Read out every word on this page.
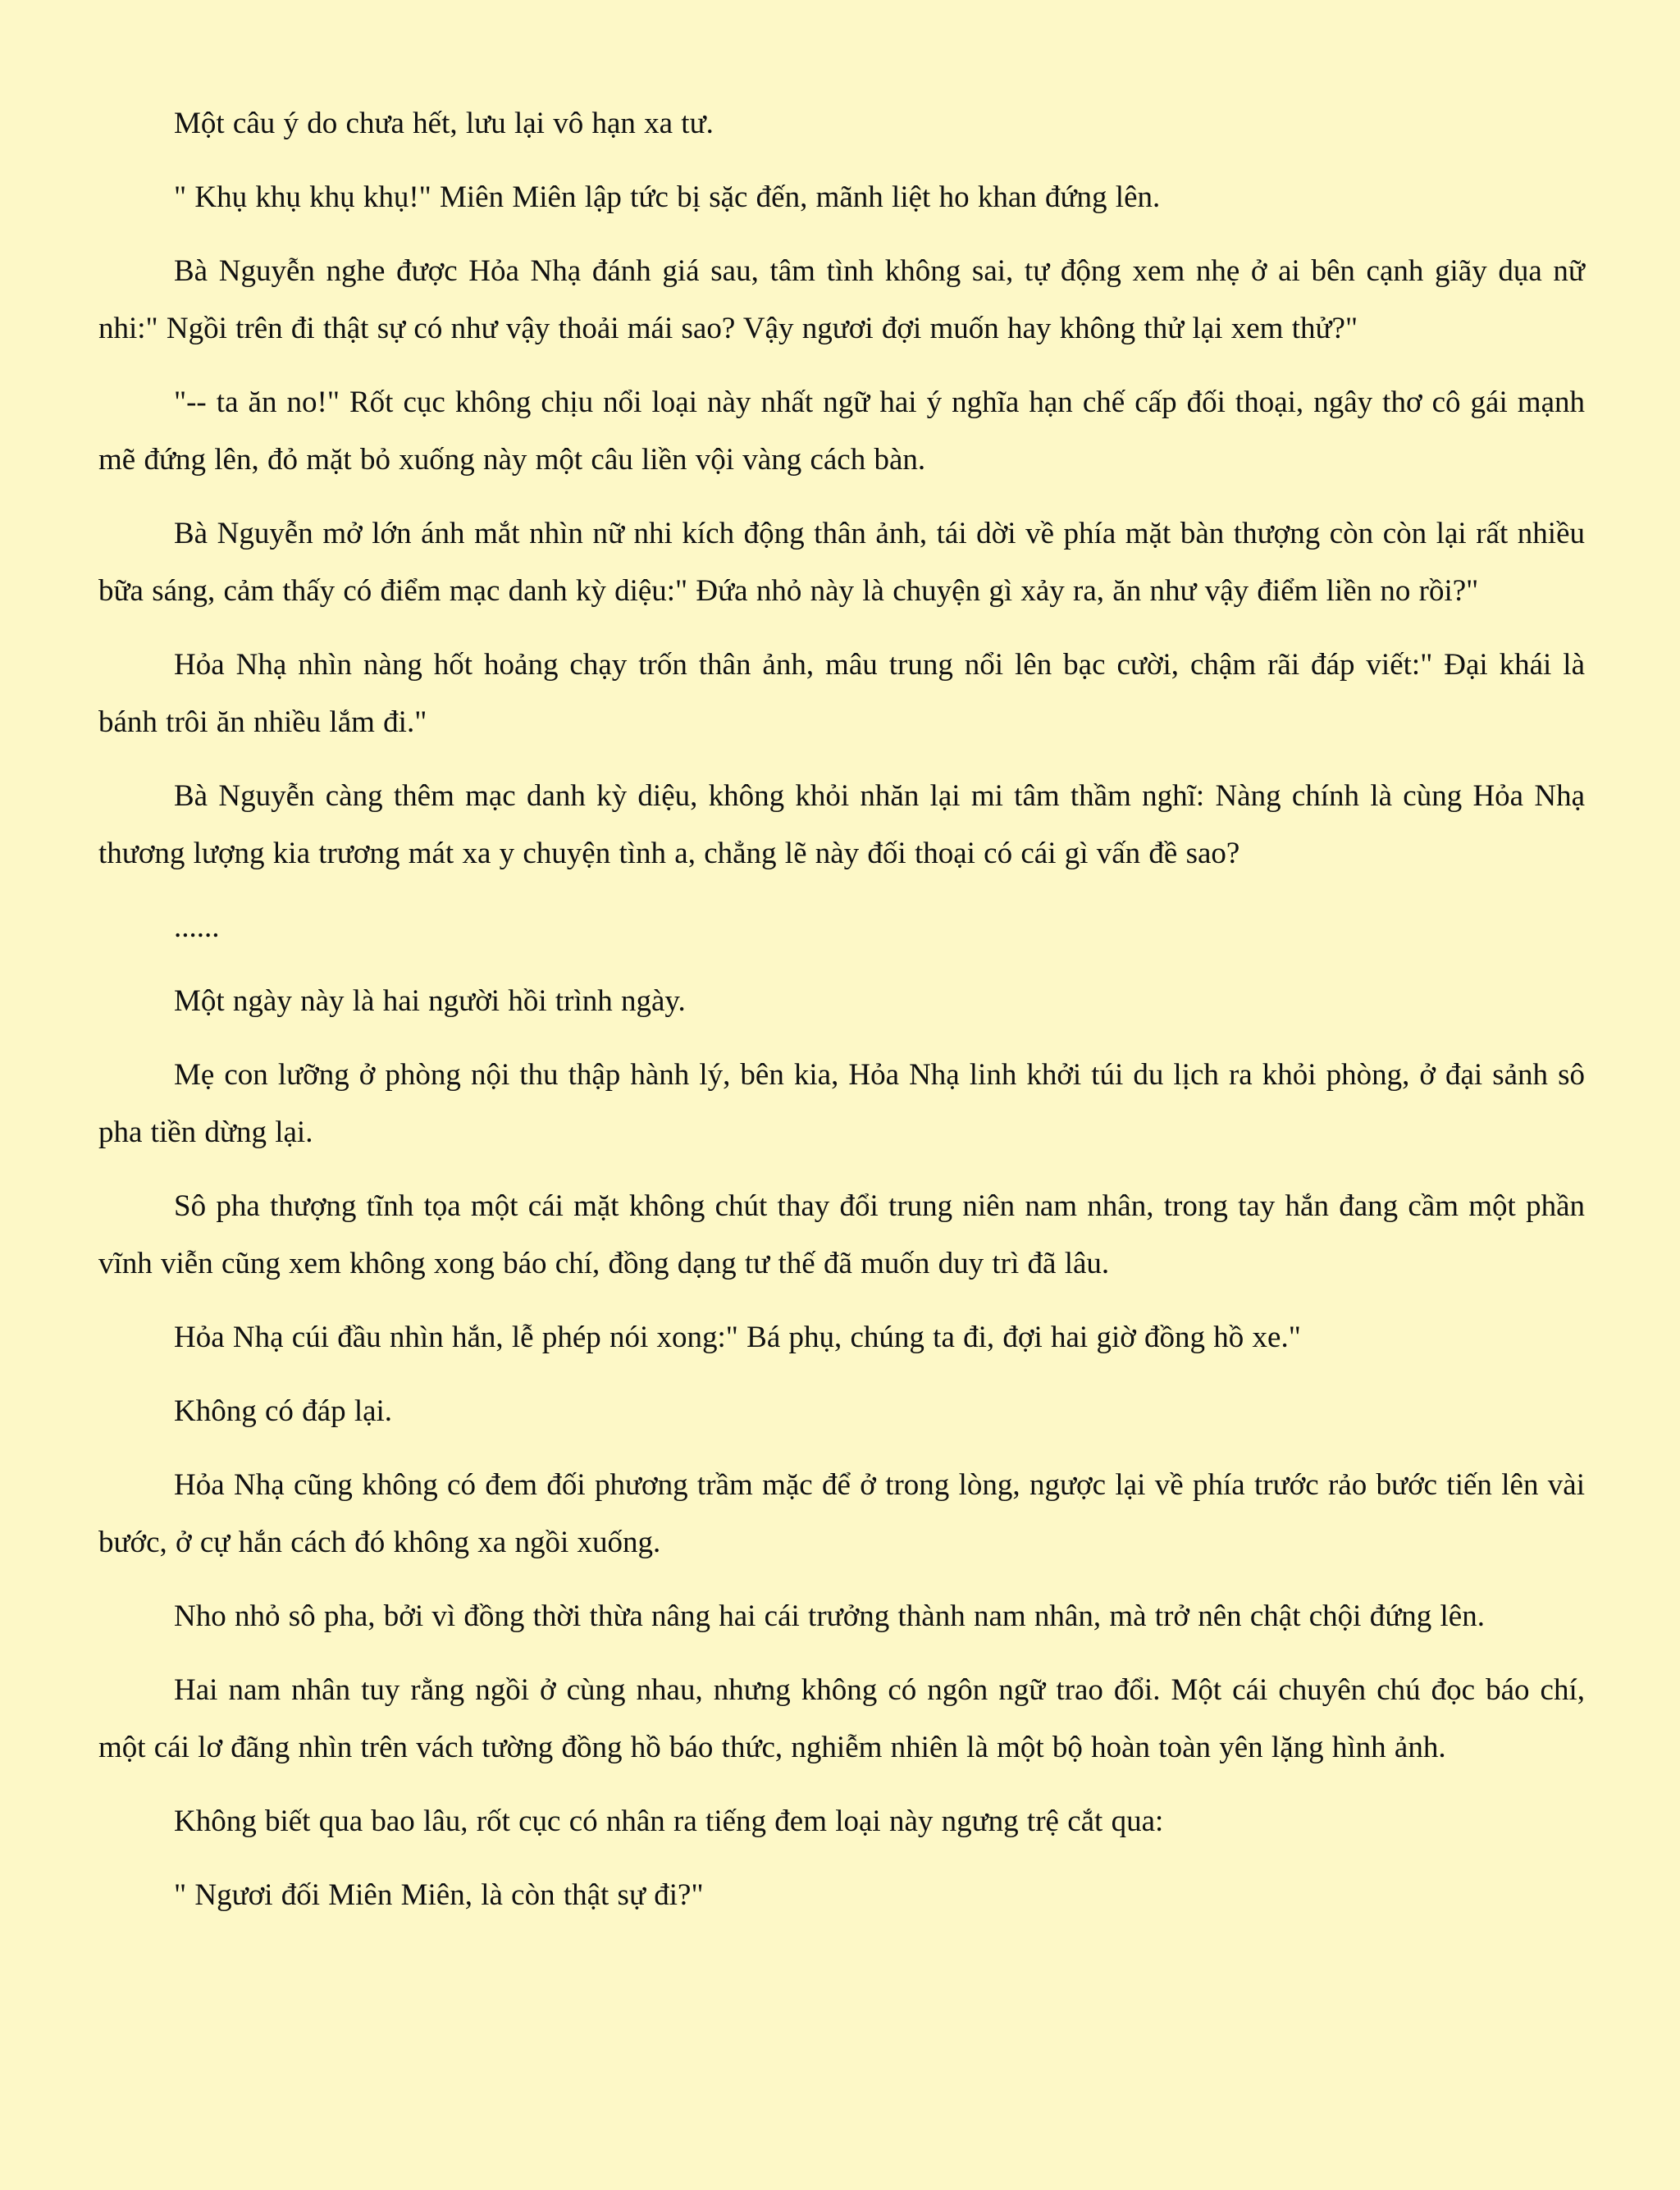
Một câu ý do chưa hết, lưu lại vô hạn xa tư.

" Khụ khụ khụ khụ!" Miên Miên lập tức bị sặc đến, mãnh liệt ho khan đứng lên.

Bà Nguyễn nghe được Hỏa Nhạ đánh giá sau, tâm tình không sai, tự động xem nhẹ ở ai bên cạnh giãy dụa nữ nhi:" Ngồi trên đi thật sự có như vậy thoải mái sao? Vậy ngươi đợi muốn hay không thử lại xem thử?"

"-- ta ăn no!" Rốt cục không chịu nổi loại này nhất ngữ hai ý nghĩa hạn chế cấp đối thoại, ngây thơ cô gái mạnh mẽ đứng lên, đỏ mặt bỏ xuống này một câu liền vội vàng cách bàn.

Bà Nguyễn mở lớn ánh mắt nhìn nữ nhi kích động thân ảnh, tái dời về phía mặt bàn thượng còn còn lại rất nhiều bữa sáng, cảm thấy có điểm mạc danh kỳ diệu:" Đứa nhỏ này là chuyện gì xảy ra, ăn như vậy điểm liền no rồi?"

Hỏa Nhạ nhìn nàng hốt hoảng chạy trốn thân ảnh, mâu trung nổi lên bạc cười, chậm rãi đáp viết:" Đại khái là bánh trôi ăn nhiều lắm đi."

Bà Nguyễn càng thêm mạc danh kỳ diệu, không khỏi nhăn lại mi tâm thầm nghĩ: Nàng chính là cùng Hỏa Nhạ thương lượng kia trương mát xa y chuyện tình a, chẳng lẽ này đối thoại có cái gì vấn đề sao?

......

Một ngày này là hai người hồi trình ngày.

Mẹ con lưỡng ở phòng nội thu thập hành lý, bên kia, Hỏa Nhạ linh khởi túi du lịch ra khỏi phòng, ở đại sảnh sô pha tiền dừng lại.

Sô pha thượng tĩnh tọa một cái mặt không chút thay đổi trung niên nam nhân, trong tay hắn đang cầm một phần vĩnh viễn cũng xem không xong báo chí, đồng dạng tư thế đã muốn duy trì đã lâu.

Hỏa Nhạ cúi đầu nhìn hắn, lễ phép nói xong:" Bá phụ, chúng ta đi, đợi hai giờ đồng hồ xe."

Không có đáp lại.

Hỏa Nhạ cũng không có đem đối phương trầm mặc để ở trong lòng, ngược lại về phía trước rảo bước tiến lên vài bước, ở cự hắn cách đó không xa ngồi xuống.

Nho nhỏ sô pha, bởi vì đồng thời thừa nâng hai cái trưởng thành nam nhân, mà trở nên chật chội đứng lên.

Hai nam nhân tuy rằng ngồi ở cùng nhau, nhưng không có ngôn ngữ trao đổi. Một cái chuyên chú đọc báo chí, một cái lơ đãng nhìn trên vách tường đồng hồ báo thức, nghiễm nhiên là một bộ hoàn toàn yên lặng hình ảnh.

Không biết qua bao lâu, rốt cục có nhân ra tiếng đem loại này ngưng trệ cắt qua:

" Ngươi đối Miên Miên, là còn thật sự đi?"
